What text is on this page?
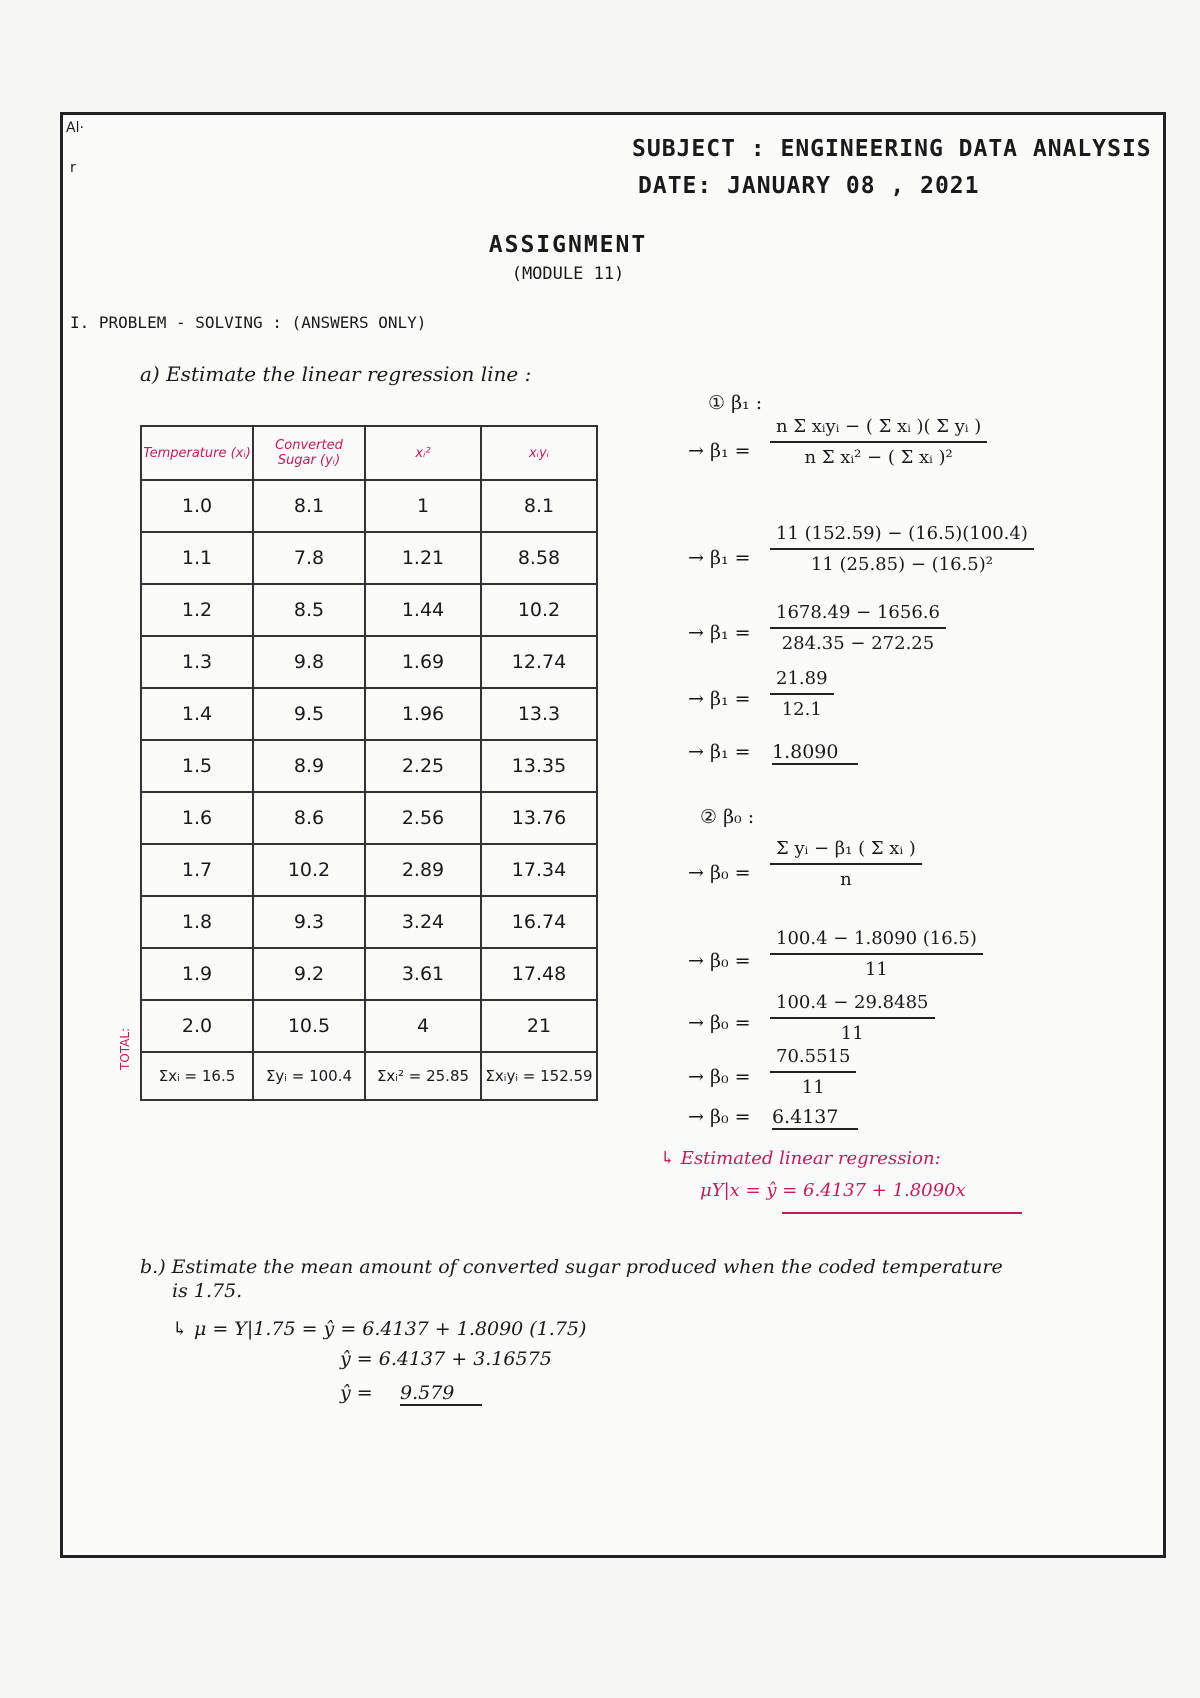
Al·
r
SUBJECT : ENGINEERING DATA ANALYSIS
DATE: JANUARY 08 , 2021
ASSIGNMENT
(MODULE 11)
I. PROBLEM - SOLVING : (ANSWERS ONLY)
a) Estimate the linear regression line :
Temperature (xᵢ)	Converted Sugar (yᵢ)	xᵢ²	xᵢyᵢ
1.0	8.1	1	8.1
1.1	7.8	1.21	8.58
1.2	8.5	1.44	10.2
1.3	9.8	1.69	12.74
1.4	9.5	1.96	13.3
1.5	8.9	2.25	13.35
1.6	8.6	2.56	13.76
1.7	10.2	2.89	17.34
1.8	9.3	3.24	16.74
1.9	9.2	3.61	17.48
2.0	10.5	4	21
Σxᵢ = 16.5	Σyᵢ = 100.4	Σxᵢ² = 25.85	Σxᵢyᵢ = 152.59
TOTAL:
① β₁ :
→ β₁ =
n Σ xᵢyᵢ − ( Σ xᵢ )( Σ yᵢ )
n Σ xᵢ² − ( Σ xᵢ )²
→ $\beta_1 = \frac{11 (152.59) - (16.5)(100.4)}{\text{11 (25.85) − (16.5)²}}$
→ $\beta_1 = \frac{1678.49 - 1656.6}{284.35 - 272.25}$
→ $\beta_1 = \frac{21.89}{12.1}$
→ β₁ = 1.8090
② β₀ :
→ $\beta_0 = \frac{\text{Σ yᵢ − β₁ ( Σ xᵢ )}}{n}$
→ $\beta_0 = \frac{100.4 - 1.8090 (16.5)}{11}$
→ $\beta_0 = \frac{100.4 - 29.8485}{11}$
→ $\beta_0 = \frac{70.5515}{11}$
→ β₀ = 6.4137
↳ Estimated linear regression:
μY|x = ŷ = 6.4137 + 1.8090x
b.) Estimate the mean amount of converted sugar produced when the coded temperature
is 1.75.
↳ μ = Y|1.75 = ŷ = 6.4137 + 1.8090 (1.75)
ŷ = 6.4137 + 3.16575
ŷ = 9.579
